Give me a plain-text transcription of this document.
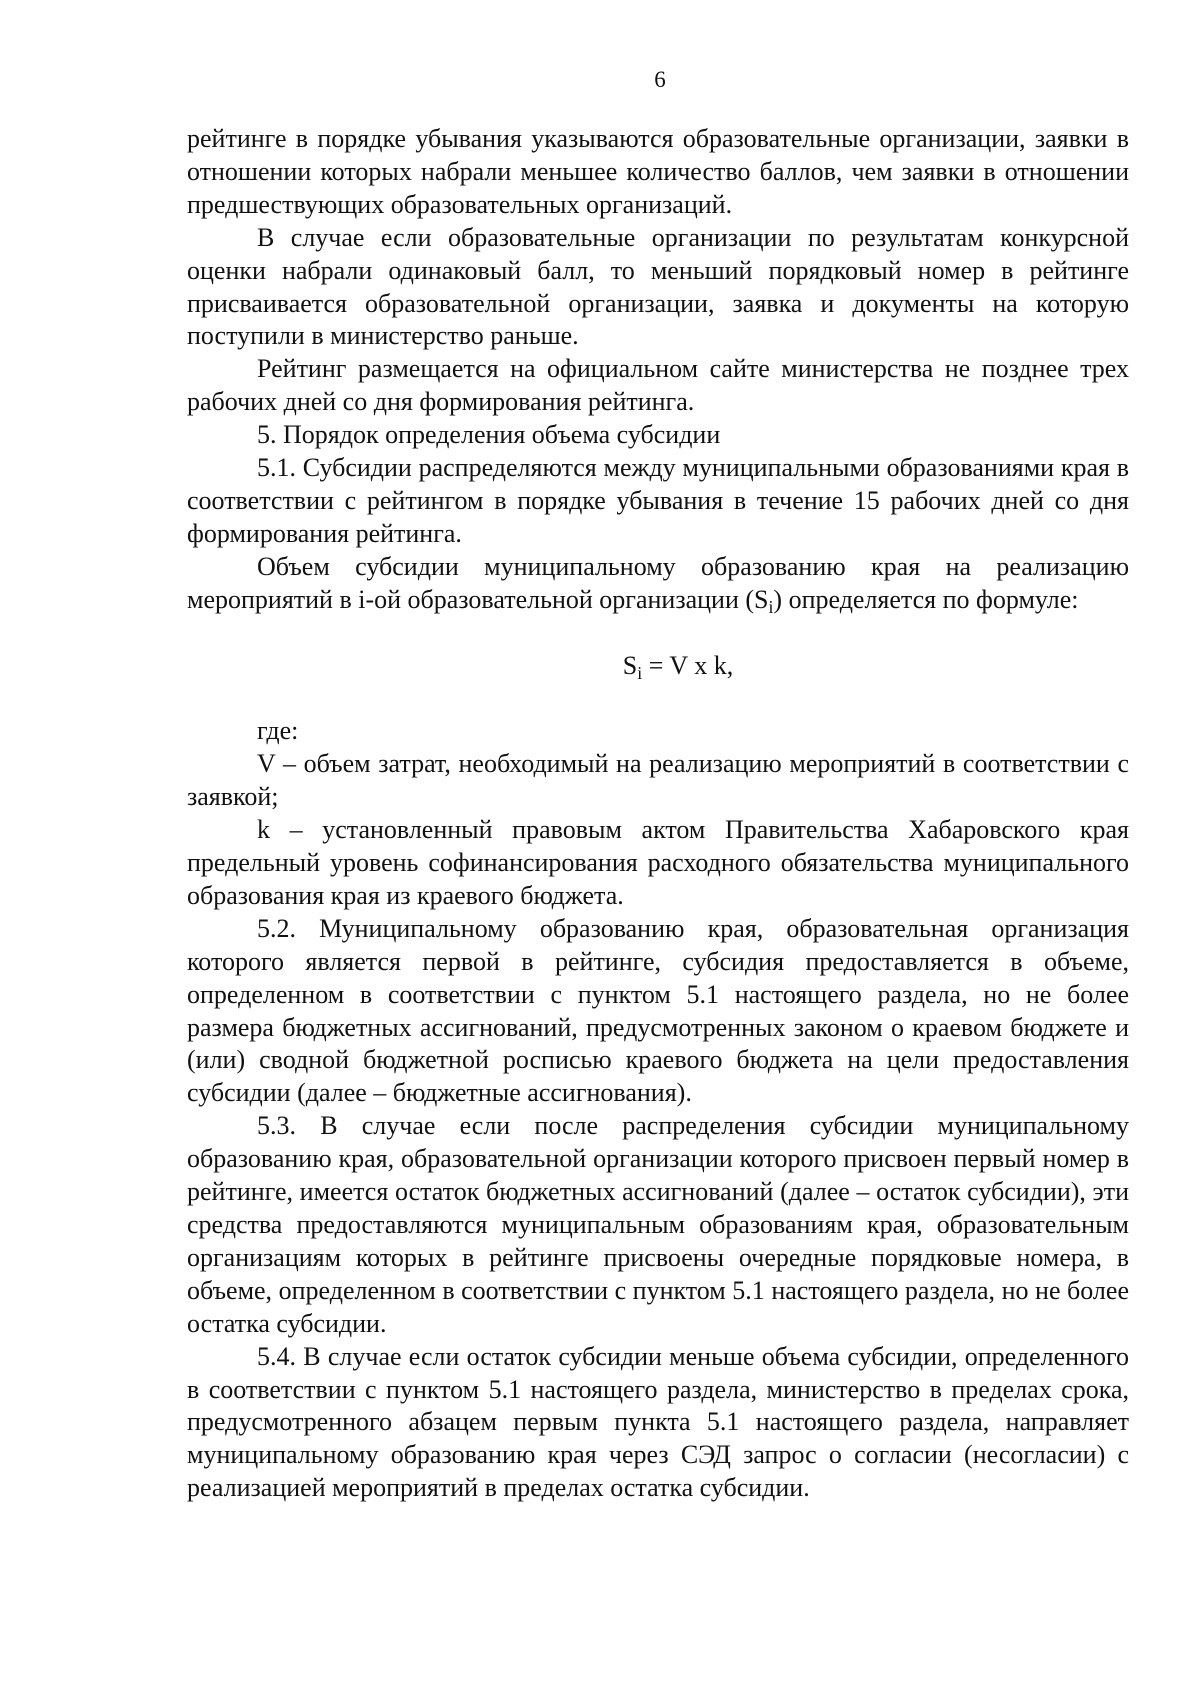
6

рейтинге в порядке убывания указываются образовательные организации, заявки в отношении которых набрали меньшее количество баллов, чем заявки в отношении предшествующих образовательных организаций.

В случае если образовательные организации по результатам конкурсной оценки набрали одинаковый балл, то меньший порядковый номер в рейтинге присваивается образовательной организации, заявка и документы на которую поступили в министерство раньше.

Рейтинг размещается на официальном сайте министерства не позднее трех рабочих дней со дня формирования рейтинга.

5. Порядок определения объема субсидии

5.1. Субсидии распределяются между муниципальными образованиями края в соответствии с рейтингом в порядке убывания в течение 15 рабочих дней со дня формирования рейтинга.

Объем субсидии муниципальному образованию края на реализацию мероприятий в i-ой образовательной организации $(S_i)$ определяется по формуле:

$S_i = V$ x k,

где:

V – объем затрат, необходимый на реализацию мероприятий в соответствии с заявкой;

k – установленный правовым актом Правительства Хабаровского края предельный уровень софинансирования расходного обязательства муниципального образования края из краевого бюджета.

5.2. Муниципальному образованию края, образовательная организация которого является первой в рейтинге, субсидия предоставляется в объеме, определенном в соответствии с пунктом 5.1 настоящего раздела, но не более размера бюджетных ассигнований, предусмотренных законом о краевом бюджете и (или) сводной бюджетной росписью краевого бюджета на цели предоставления субсидии (далее – бюджетные ассигнования).

5.3. В случае если после распределения субсидии муниципальному образованию края, образовательной организации которого присвоен первый номер в рейтинге, имеется остаток бюджетных ассигнований (далее – остаток субсидии), эти средства предоставляются муниципальным образованиям края, образовательным организациям которых в рейтинге присвоены очередные порядковые номера, в объеме, определенном в соответствии с пунктом 5.1 настоящего раздела, но не более остатка субсидии.

5.4. В случае если остаток субсидии меньше объема субсидии, определенного в соответствии с пунктом 5.1 настоящего раздела, министерство в пределах срока, предусмотренного абзацем первым пункта 5.1 настоящего раздела, направляет муниципальному образованию края через СЭД запрос о согласии (несогласии) с реализацией мероприятий в пределах остатка субсидии.
